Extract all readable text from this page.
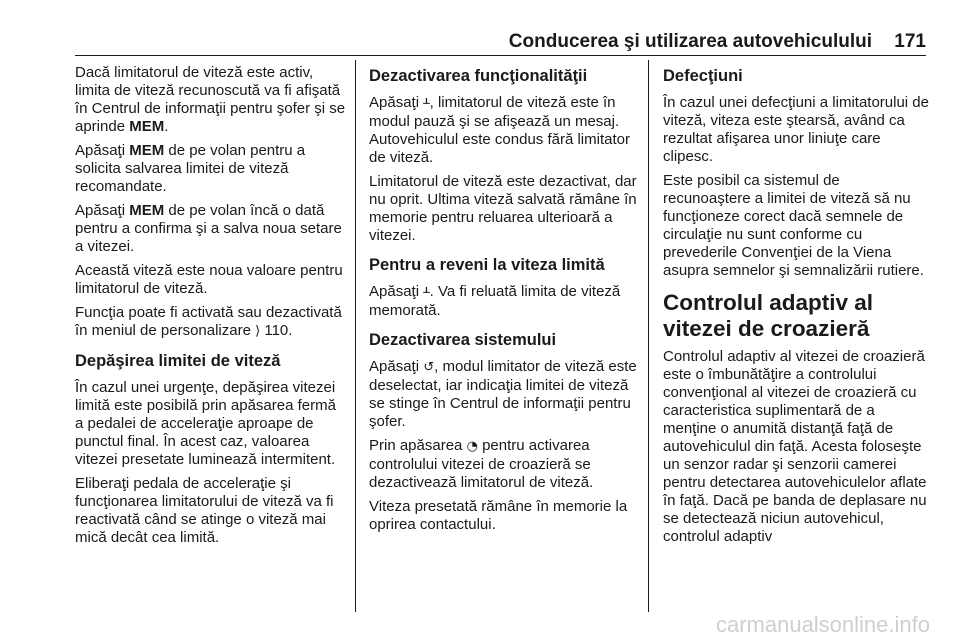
Conducerea şi utilizarea autovehiculului 171

Dacă limitatorul de viteză este activ, limita de viteză recunoscută va fi afişată în Centrul de informaţii pentru şofer şi se aprinde MEM.

Apăsaţi MEM de pe volan pentru a solicita salvarea limitei de viteză recomandate.

Apăsaţi MEM de pe volan încă o dată pentru a confirma şi a salva noua setare a vitezei.

Această viteză este noua valoare pentru limitatorul de viteză.

Funcţia poate fi activată sau dezactivată în meniul de personalizare ⟩ 110.

Depăşirea limitei de viteză

În cazul unei urgenţe, depăşirea vitezei limită este posibilă prin apăsarea fermă a pedalei de acceleraţie aproape de punctul final. În acest caz, valoarea vitezei presetate luminează intermitent.

Eliberaţi pedala de acceleraţie şi funcţionarea limitatorului de viteză va fi reactivată când se atinge o viteză mai mică decât cea limită.

Dezactivarea funcţionalităţii

Apăsaţi ᚆ, limitatorul de viteză este în modul pauză şi se afişează un mesaj. Autovehiculul este condus fără limitator de viteză.

Limitatorul de viteză este dezactivat, dar nu oprit. Ultima viteză salvată rămâne în memorie pentru reluarea ulterioară a vitezei.

Pentru a reveni la viteza limită

Apăsaţi ᚆ. Va fi reluată limita de viteză memorată.

Dezactivarea sistemului

Apăsaţi ↺, modul limitator de viteză este deselectat, iar indicaţia limitei de viteză se stinge în Centrul de informaţii pentru şofer.

Prin apăsarea ◔ pentru activarea controlului vitezei de croazieră se dezactivează limitatorul de viteză.

Viteza presetată rămâne în memorie la oprirea contactului.

Defecţiuni

În cazul unei defecţiuni a limitatorului de viteză, viteza este ştearsă, având ca rezultat afişarea unor liniuţe care clipesc.

Este posibil ca sistemul de recunoaştere a limitei de viteză să nu funcţioneze corect dacă semnele de circulaţie nu sunt conforme cu prevederile Convenţiei de la Viena asupra semnelor şi semnalizării rutiere.

Controlul adaptiv al vitezei de croazieră

Controlul adaptiv al vitezei de croazieră este o îmbunătăţire a controlului convenţional al vitezei de croazieră cu caracteristica suplimentară de a menţine o anumită distanţă faţă de autovehiculul din faţă. Acesta foloseşte un senzor radar şi senzorii camerei pentru detectarea autovehiculelor aflate în faţă. Dacă pe banda de deplasare nu se detectează niciun autovehicul, controlul adaptiv

carmanualsonline.info
